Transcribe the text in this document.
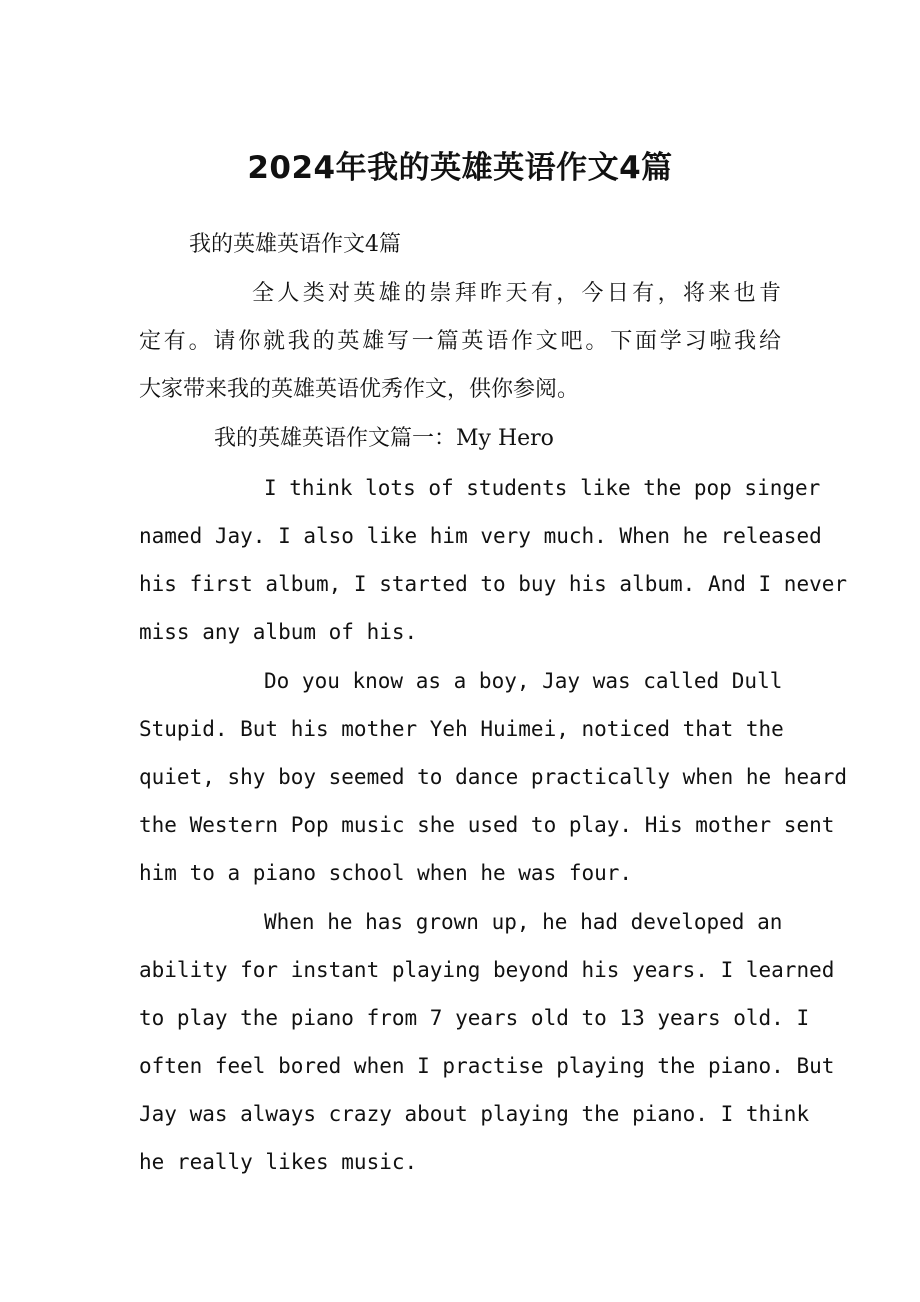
2024年我的英雄英语作文4篇
我的英雄英语作文4篇
全人类对英雄的崇拜昨天有，今日有，将来也肯
定有。请你就我的英雄写一篇英语作文吧。下面学习啦我给
大家带来我的英雄英语优秀作文，供你参阅。
我的英雄英语作文篇一：My Hero
I think lots of students like the pop singer
named Jay. I also like him very much. When he released
his first album, I started to buy his album. And I never
miss any album of his.
Do you know as a boy, Jay was called Dull
Stupid. But his mother Yeh Huimei, noticed that the
quiet, shy boy seemed to dance practically when he heard
the Western Pop music she used to play. His mother sent
him to a piano school when he was four.
When he has grown up, he had developed an
ability for instant playing beyond his years. I learned
to play the piano from 7 years old to 13 years old. I
often feel bored when I practise playing the piano. But
Jay was always crazy about playing the piano. I think
he really likes music.
